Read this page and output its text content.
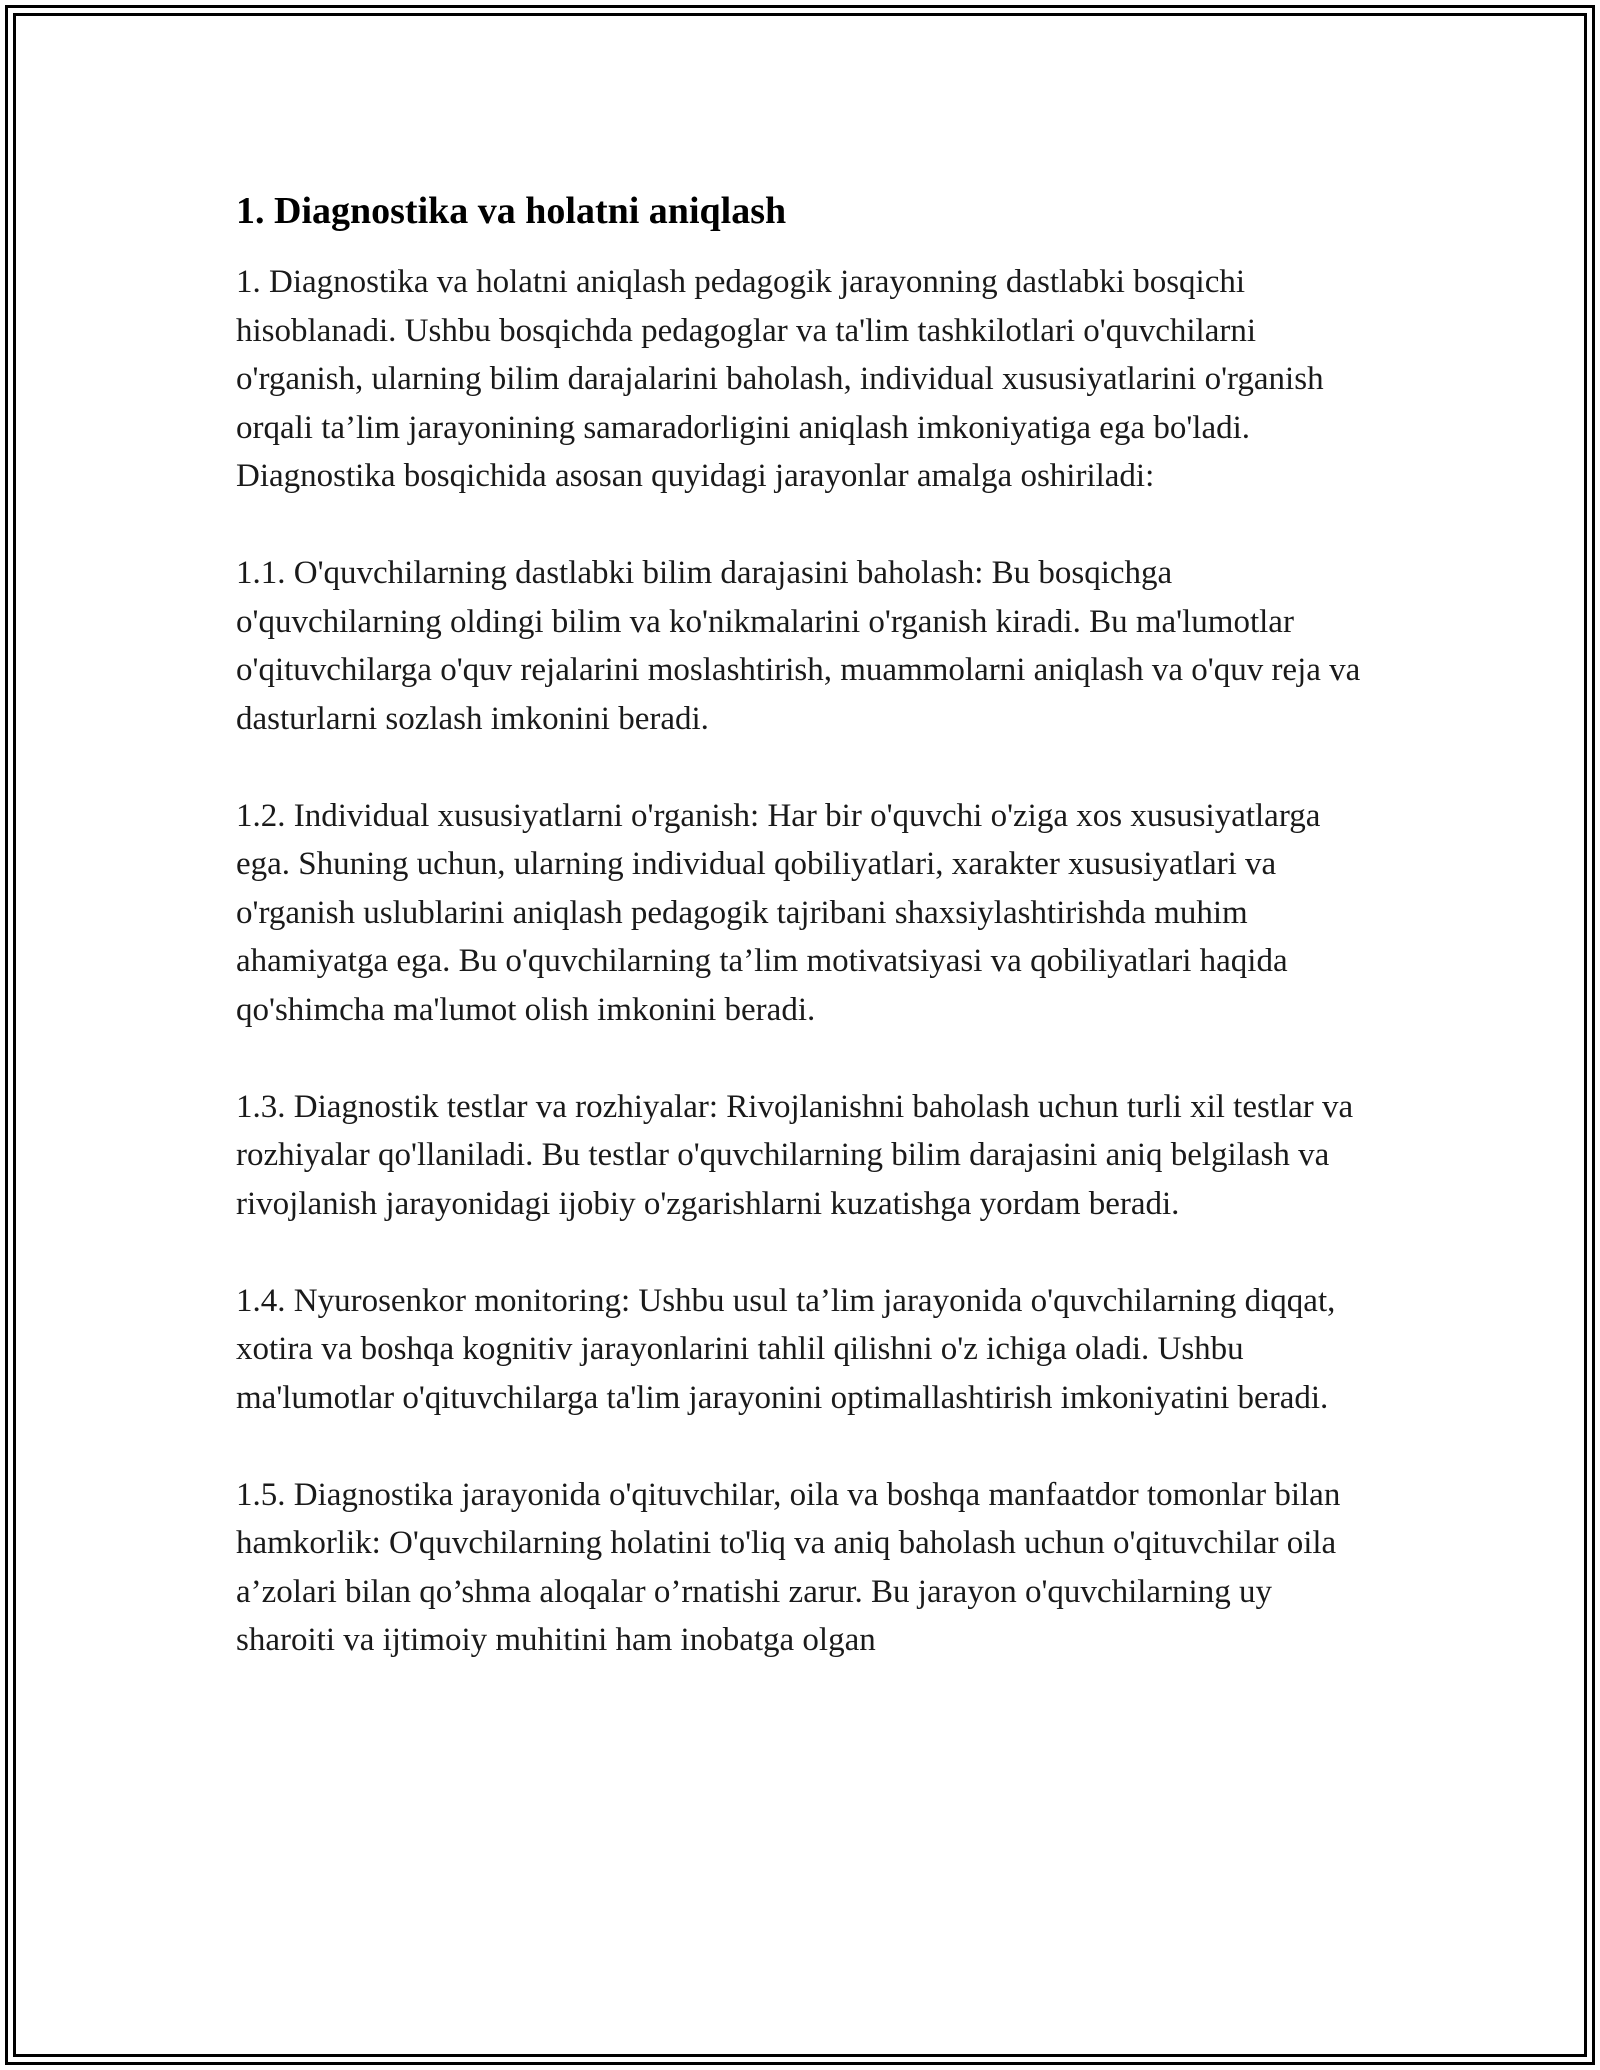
1. Diagnostika va holatni aniqlash

1. Diagnostika va holatni aniqlash pedagogik jarayonning dastlabki bosqichi hisoblanadi. Ushbu bosqichda pedagoglar va ta'lim tashkilotlari o'quvchilarni o'rganish, ularning bilim darajalarini baholash, individual xususiyatlarini o'rganish orqali ta’lim jarayonining samaradorligini aniqlash imkoniyatiga ega bo'ladi. Diagnostika bosqichida asosan quyidagi jarayonlar amalga oshiriladi:

1.1. O'quvchilarning dastlabki bilim darajasini baholash: Bu bosqichga o'quvchilarning oldingi bilim va ko'nikmalarini o'rganish kiradi. Bu ma'lumotlar o'qituvchilarga o'quv rejalarini moslashtirish, muammolarni aniqlash va o'quv reja va dasturlarni sozlash imkonini beradi.

1.2. Individual xususiyatlarni o'rganish: Har bir o'quvchi o'ziga xos xususiyatlarga ega. Shuning uchun, ularning individual qobiliyatlari, xarakter xususiyatlari va o'rganish uslublarini aniqlash pedagogik tajribani shaxsiylashtirishda muhim ahamiyatga ega. Bu o'quvchilarning ta’lim motivatsiyasi va qobiliyatlari haqida qo'shimcha ma'lumot olish imkonini beradi.

1.3. Diagnostik testlar va rozhiyalar: Rivojlanishni baholash uchun turli xil testlar va rozhiyalar qo'llaniladi. Bu testlar o'quvchilarning bilim darajasini aniq belgilash va rivojlanish jarayonidagi ijobiy o'zgarishlarni kuzatishga yordam beradi.

1.4. Nyurosenkor monitoring: Ushbu usul ta’lim jarayonida o'quvchilarning diqqat, xotira va boshqa kognitiv jarayonlarini tahlil qilishni o'z ichiga oladi. Ushbu ma'lumotlar o'qituvchilarga ta'lim jarayonini optimallashtirish imkoniyatini beradi.

1.5. Diagnostika jarayonida o'qituvchilar, oila va boshqa manfaatdor tomonlar bilan hamkorlik: O'quvchilarning holatini to'liq va aniq baholash uchun o'qituvchilar oila a’zolari bilan qo’shma aloqalar o’rnatishi zarur. Bu jarayon o'quvchilarning uy sharoiti va ijtimoiy muhitini ham inobatga olgan
